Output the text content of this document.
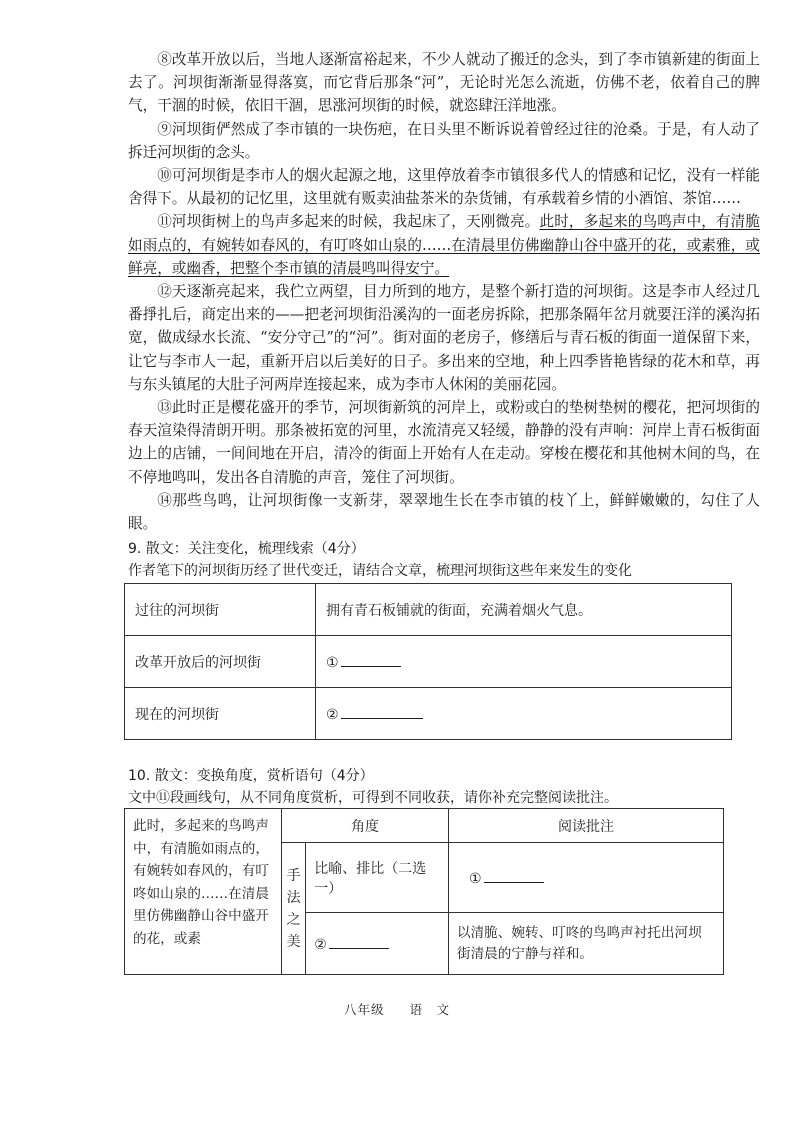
⑧改革开放以后，当地人逐渐富裕起来，不少人就动了搬迁的念头，到了李市镇新建的街面上去了。河坝街渐渐显得落寞，而它背后那条“河”，无论时光怎么流逝，仿佛不老，依着自己的脾气，干涸的时候，依旧干涸，思涨河坝街的时候，就恣肆汪洋地涨。

⑨河坝街俨然成了李市镇的一块伤疤，在日头里不断诉说着曾经过往的沧桑。于是，有人动了拆迁河坝街的念头。

⑩可河坝街是李市人的烟火起源之地，这里停放着李市镇很多代人的情感和记忆，没有一样能舍得下。从最初的记忆里，这里就有贩卖油盐茶米的杂货铺，有承载着乡情的小酒馆、茶馆……

⑪河坝街树上的鸟声多起来的时候，我起床了，天刚微亮。此时，多起来的鸟鸣声中，有清脆如雨点的，有婉转如春风的，有叮咚如山泉的……在清晨里仿佛幽静山谷中盛开的花，或素雅，或鲜亮，或幽香，把整个李市镇的清晨鸣叫得安宁。

⑫天逐渐亮起来，我伫立两望，目力所到的地方，是整个新打造的河坝街。这是李市人经过几番掙扎后，商定出来的——把老河坝街沿溪沟的一面老房拆除，把那条隔年岔月就要汪洋的溪沟拓宽，做成绿水长流、“安分守己”的“河”。街对面的老房子，修缮后与青石板的街面一道保留下来，让它与李市人一起，重新开启以后美好的日子。多出来的空地，种上四季皆艳皆绿的花木和草，再与东头镇尾的大肚子河两岸连接起来，成为李市人休闲的美丽花园。

⑬此时正是樱花盛开的季节，河坝街新筑的河岸上，或粉或白的垫树垫树的樱花，把河坝街的春天渲染得清朗开明。那条被拓宽的河里，水流清亮又轻缓，静静的没有声响：河岸上青石板街面边上的店铺，一间间地在开启，清冷的街面上开始有人在走动。穿梭在樱花和其他树木间的鸟，在不停地鸣叫，发出各自清脆的声音，笼住了河坝街。

⑭那些鸟鸣，让河坝街像一支新芽，翠翠地生长在李市镇的枝丫上，鲜鲜嫩嫩的，勾住了人眼。

9. 散文：关注变化，梳理线索（4分）
作者笔下的河坝街历经了世代变迁，请结合文章，梳理河坝街这些年来发生的变化
过往的河坝街	拥有青石板铺就的街面，充满着烟火气息。
改革开放后的河坝街	①
现在的河坝街	②
10. 散文：变换角度，赏析语句（4分）
文中⑪段画线句，从不同角度赏析，可得到不同收获，请你补充完整阅读批注。
此时，多起来的鸟鸣声中，有清脆如雨点的，有婉转如春风的，有叮咚如山泉的……在清晨里仿佛幽静山谷中盛开的花，或素	角度		阅读批注
	手法之美	比喻、排比（二选一）	①
		②	以清脆、婉转、叮咚的鸟鸣声衬托出河坝街清晨的宁静与祥和。
八年级 语　文
